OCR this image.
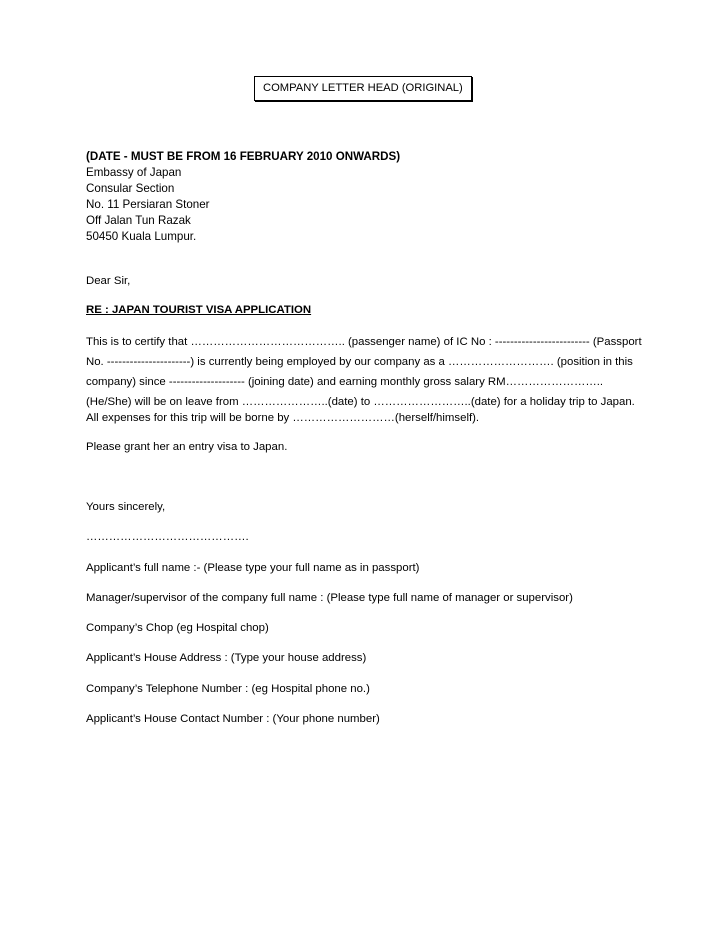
COMPANY LETTER HEAD (ORIGINAL)
(DATE - MUST BE FROM 16 FEBRUARY 2010 ONWARDS)
Embassy of Japan
Consular Section
No. 11 Persiaran Stoner
Off Jalan Tun Razak
50450 Kuala Lumpur.
Dear Sir,
RE : JAPAN TOURIST VISA APPLICATION
This is to certify that ………………………………….. (passenger name) of IC No : ------------------------- (Passport
No. ----------------------) is currently being employed by our company as a ………………………. (position in this
company) since -------------------- (joining date) and earning monthly gross salary RM……………………..
(He/She) will be on leave from …………………..(date) to ……………………..(date) for a holiday trip to Japan.
All expenses for this trip will be borne by ………………………(herself/himself).
Please grant her an entry visa to Japan.
Yours sincerely,
…………………………………….
Applicant’s full name :- (Please type your full name as in passport)
Manager/supervisor of the company full name : (Please type full name of manager or supervisor)
Company’s Chop (eg Hospital chop)
Applicant’s House Address : (Type your house address)
Company’s Telephone Number : (eg Hospital phone no.)
Applicant’s House Contact Number : (Your phone number)
